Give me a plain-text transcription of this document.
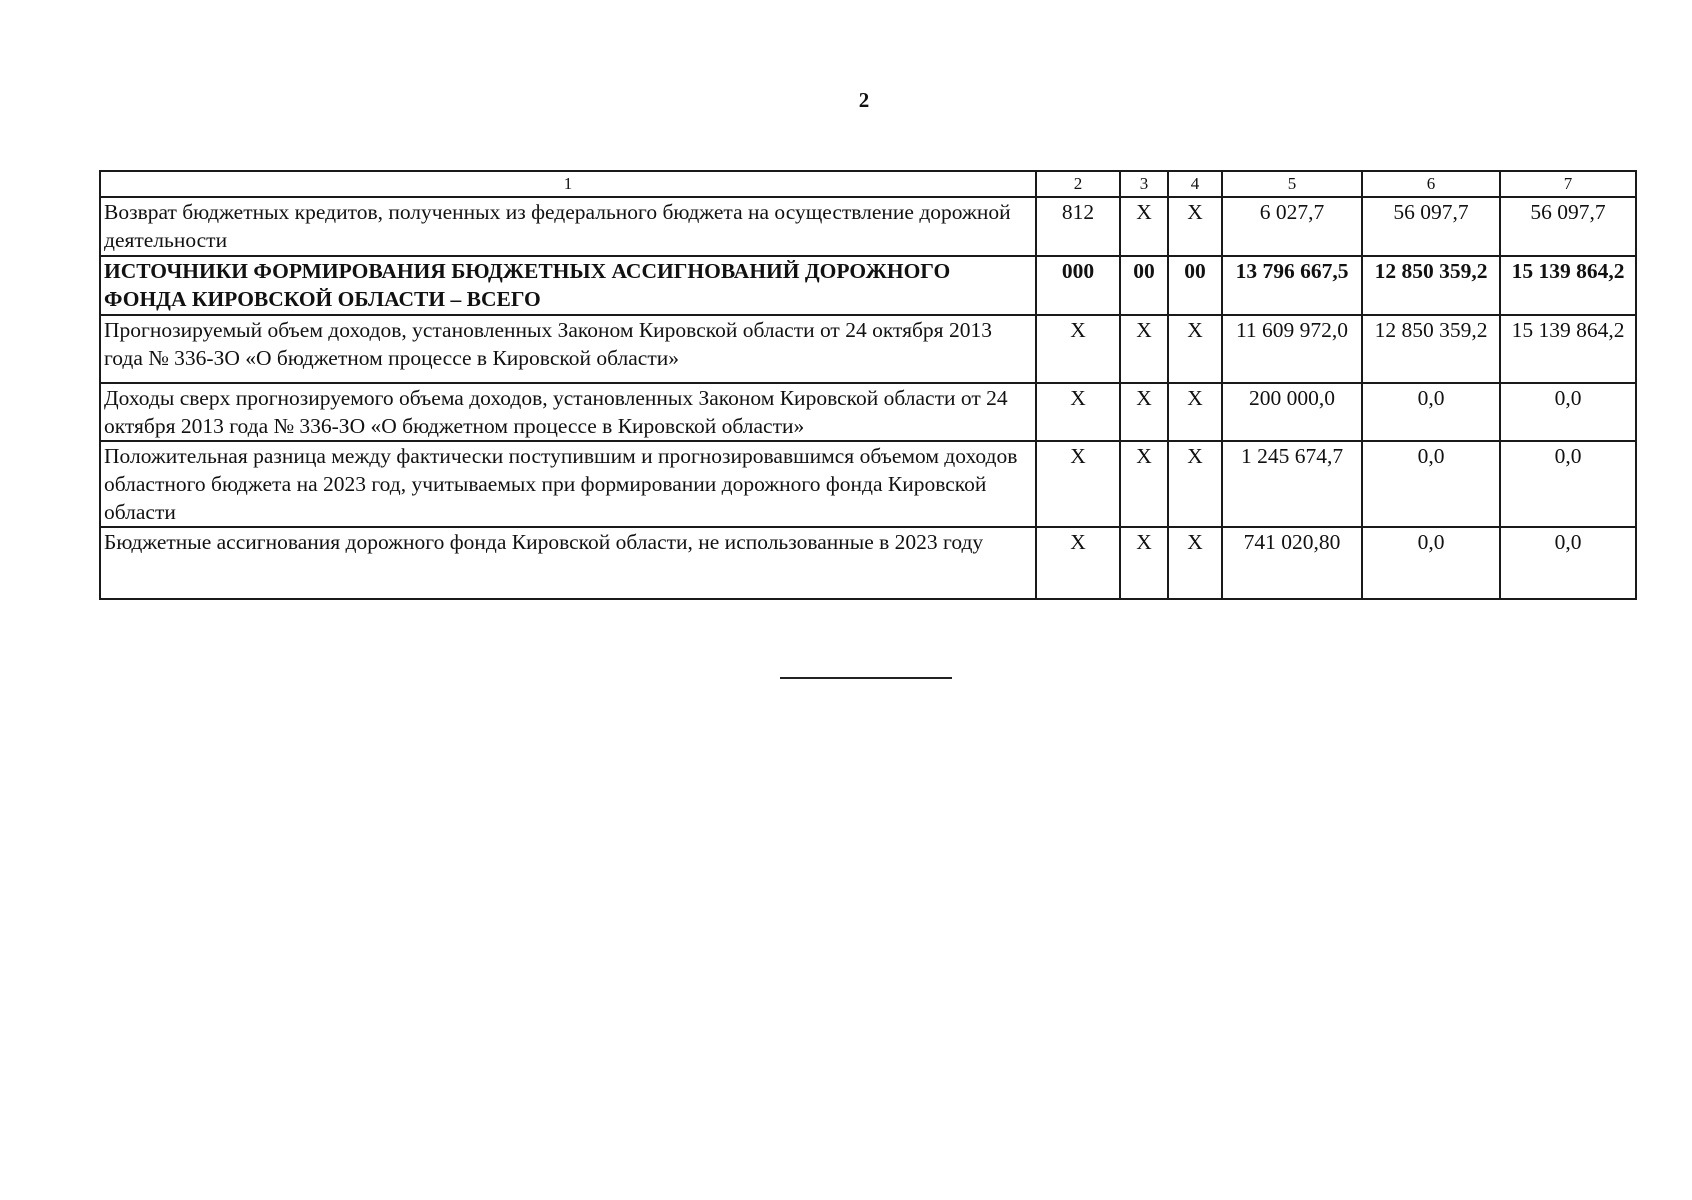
2
1	2	3	4	5	6	7
Возврат бюджетных кредитов, полученных из федерального бюджета на осуществление дорожной деятельности	812	Х	Х	6 027,7	56 097,7	56 097,7
ИСТОЧНИКИ ФОРМИРОВАНИЯ БЮДЖЕТНЫХ АССИГНОВАНИЙ ДОРОЖНОГО ФОНДА КИРОВСКОЙ ОБЛАСТИ – ВСЕГО	000	00	00	13 796 667,5	12 850 359,2	15 139 864,2
Прогнозируемый объем доходов, установленных Законом Кировской области от 24 октября 2013 года № 336-ЗО «О бюджетном процессе в Кировской области»	Х	Х	Х	11 609 972,0	12 850 359,2	15 139 864,2
Доходы сверх прогнозируемого объема доходов, установленных Законом Кировской области от 24 октября 2013 года № 336-ЗО «О бюджетном процессе в Кировской области»	Х	Х	Х	200 000,0	0,0	0,0
Положительная разница между фактически поступившим и прогнозировавшимся объемом доходов областного бюджета на 2023 год, учитываемых при формировании дорожного фонда Кировской области	Х	Х	Х	1 245 674,7	0,0	0,0
Бюджетные ассигнования дорожного фонда Кировской области, не использованные в 2023 году	Х	Х	Х	741 020,80	0,0	0,0
